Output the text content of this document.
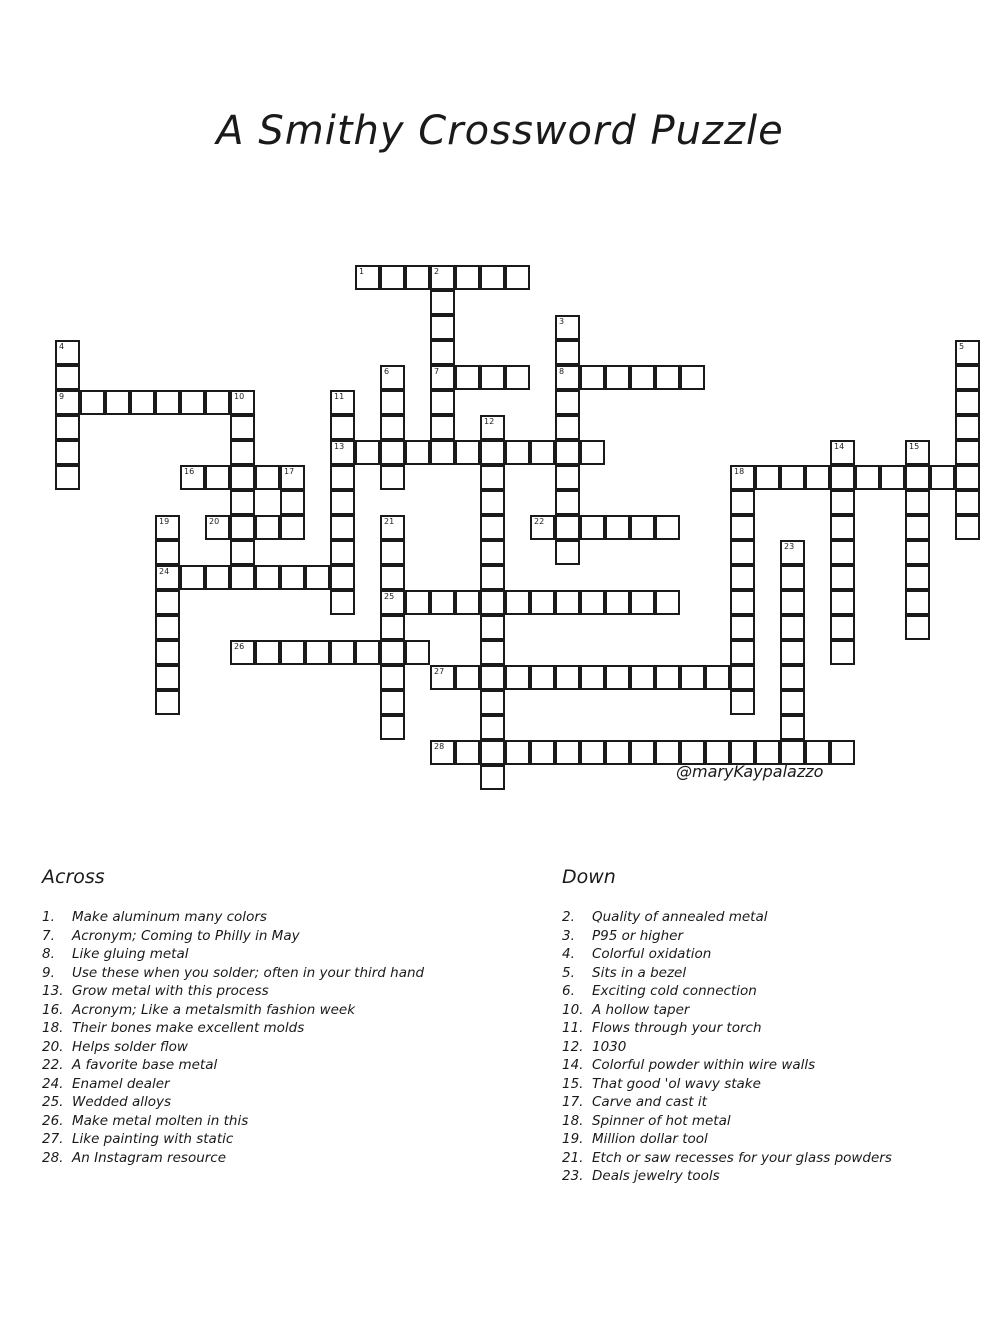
A Smithy Crossword Puzzle
1	2
7	8
9	10
13
16	17	18
20	22
24
25
26
27
28
3
4	5
6
11
12
14	15
19	21
23
@maryKaypalazzo
Across
1. Make aluminum many colors
7. Acronym; Coming to Philly in May
8. Like gluing metal
9. Use these when you solder; often in your third hand
13. Grow metal with this process
16. Acronym; Like a metalsmith fashion week
18. Their bones make excellent molds
20. Helps solder flow
22. A favorite base metal
24. Enamel dealer
25. Wedded alloys
26. Make metal molten in this
27. Like painting with static
28. An Instagram resource
Down
2. Quality of annealed metal
3. P95 or higher
4. Colorful oxidation
5. Sits in a bezel
6. Exciting cold connection
10. A hollow taper
11. Flows through your torch
12. 1030
14. Colorful powder within wire walls
15. That good 'ol wavy stake
17. Carve and cast it
18. Spinner of hot metal
19. Million dollar tool
21. Etch or saw recesses for your glass powders
23. Deals jewelry tools
